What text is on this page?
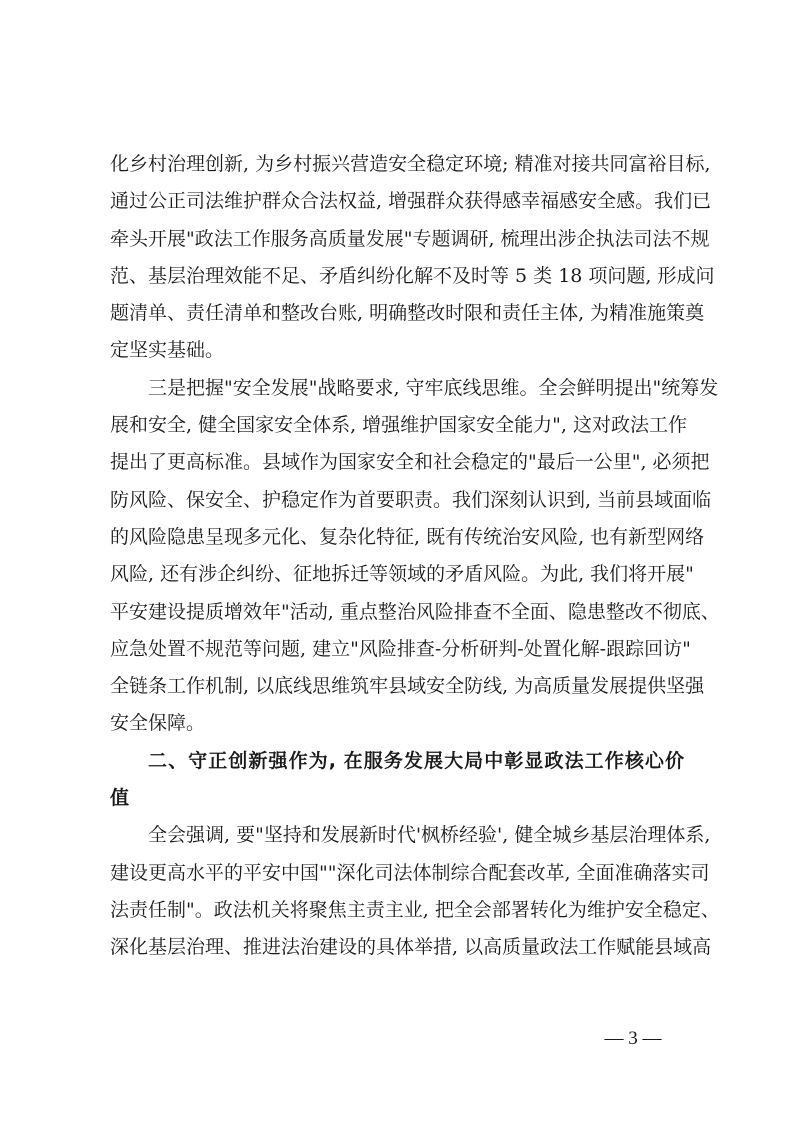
化乡村治理创新, 为乡村振兴营造安全稳定环境; 精准对接共同富裕目标,
通过公正司法维护群众合法权益, 增强群众获得感幸福感安全感。我们已
牵头开展"政法工作服务高质量发展"专题调研, 梳理出涉企执法司法不规
范、基层治理效能不足、矛盾纠纷化解不及时等 5 类 18 项问题, 形成问
题清单、责任清单和整改台账, 明确整改时限和责任主体, 为精准施策奠
定坚实基础。
三是把握"安全发展"战略要求, 守牢底线思维。全会鲜明提出"统筹发
展和安全, 健全国家安全体系, 增强维护国家安全能力", 这对政法工作
提出了更高标准。县域作为国家安全和社会稳定的"最后一公里", 必须把
防风险、保安全、护稳定作为首要职责。我们深刻认识到, 当前县域面临
的风险隐患呈现多元化、复杂化特征, 既有传统治安风险, 也有新型网络
风险, 还有涉企纠纷、征地拆迁等领域的矛盾风险。为此, 我们将开展"
平安建设提质增效年"活动, 重点整治风险排查不全面、隐患整改不彻底、
应急处置不规范等问题, 建立"风险排查-分析研判-处置化解-跟踪回访"
全链条工作机制, 以底线思维筑牢县域安全防线, 为高质量发展提供坚强
安全保障。
二、守正创新强作为, 在服务发展大局中彰显政法工作核心价
值
全会强调, 要"坚持和发展新时代'枫桥经验', 健全城乡基层治理体系,
建设更高水平的平安中国""深化司法体制综合配套改革, 全面准确落实司
法责任制"。政法机关将聚焦主责主业, 把全会部署转化为维护安全稳定、
深化基层治理、推进法治建设的具体举措, 以高质量政法工作赋能县域高
— 3 —
